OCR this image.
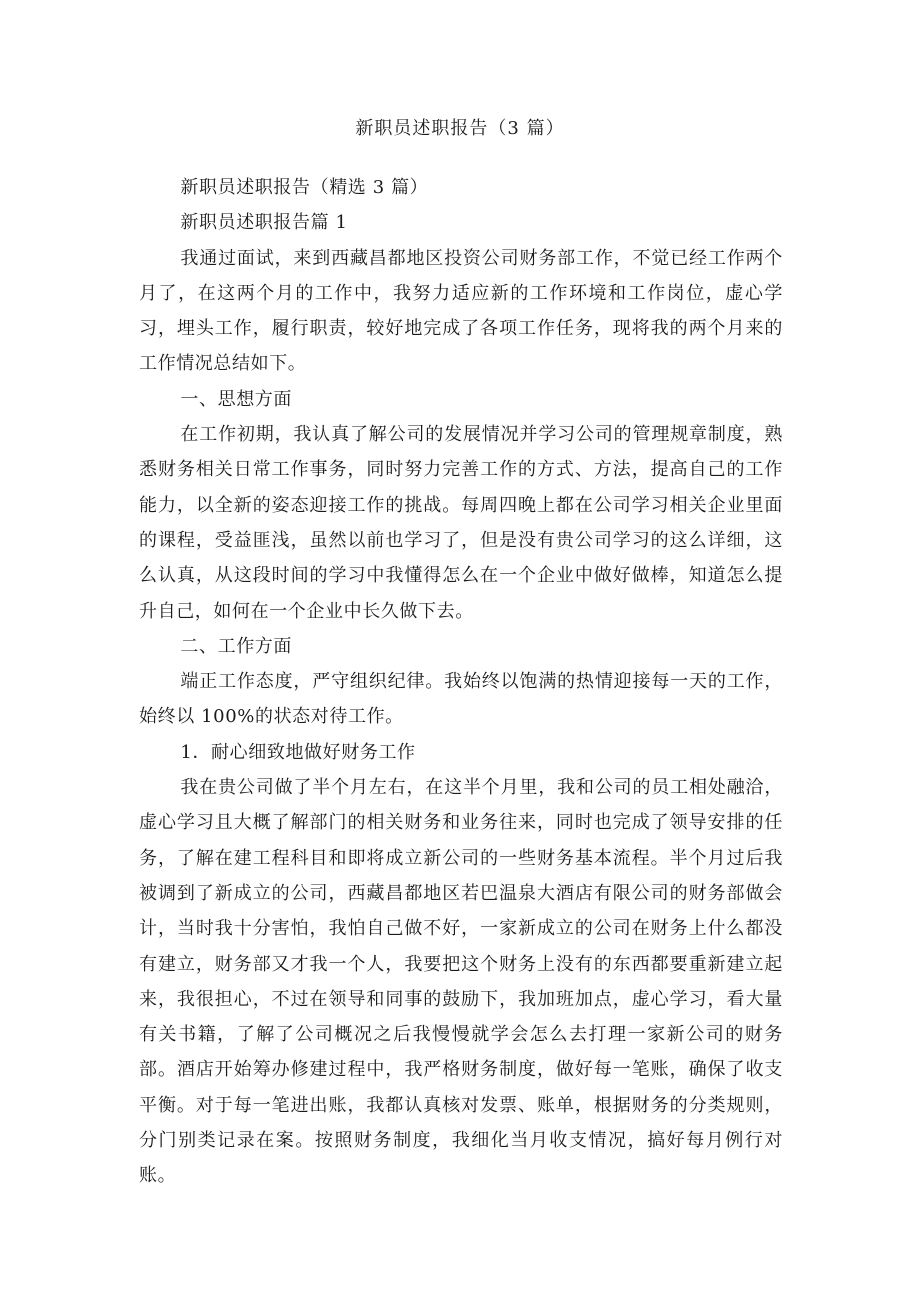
新职员述职报告（3 篇）

新职员述职报告（精选 3 篇）

新职员述职报告篇 1

我通过面试，来到西藏昌都地区投资公司财务部工作，不觉已经工作两个月了，在这两个月的工作中，我努力适应新的工作环境和工作岗位，虚心学习，埋头工作，履行职责，较好地完成了各项工作任务，现将我的两个月来的工作情况总结如下。

一、思想方面

在工作初期，我认真了解公司的发展情况并学习公司的管理规章制度，熟悉财务相关日常工作事务，同时努力完善工作的方式、方法，提高自己的工作能力，以全新的姿态迎接工作的挑战。每周四晚上都在公司学习相关企业里面的课程，受益匪浅，虽然以前也学习了，但是没有贵公司学习的这么详细，这么认真，从这段时间的学习中我懂得怎么在一个企业中做好做棒，知道怎么提升自己，如何在一个企业中长久做下去。

二、工作方面

端正工作态度，严守组织纪律。我始终以饱满的热情迎接每一天的工作，始终以 100%的状态对待工作。

1．耐心细致地做好财务工作

我在贵公司做了半个月左右，在这半个月里，我和公司的员工相处融洽，虚心学习且大概了解部门的相关财务和业务往来，同时也完成了领导安排的任务，了解在建工程科目和即将成立新公司的一些财务基本流程。半个月过后我被调到了新成立的公司，西藏昌都地区若巴温泉大酒店有限公司的财务部做会计，当时我十分害怕，我怕自己做不好，一家新成立的公司在财务上什么都没有建立，财务部又才我一个人，我要把这个财务上没有的东西都要重新建立起来，我很担心，不过在领导和同事的鼓励下，我加班加点，虚心学习，看大量有关书籍，了解了公司概况之后我慢慢就学会怎么去打理一家新公司的财务部。酒店开始筹办修建过程中，我严格财务制度，做好每一笔账，确保了收支平衡。对于每一笔进出账，我都认真核对发票、账单，根据财务的分类规则，分门别类记录在案。按照财务制度，我细化当月收支情况，搞好每月例行对账。
